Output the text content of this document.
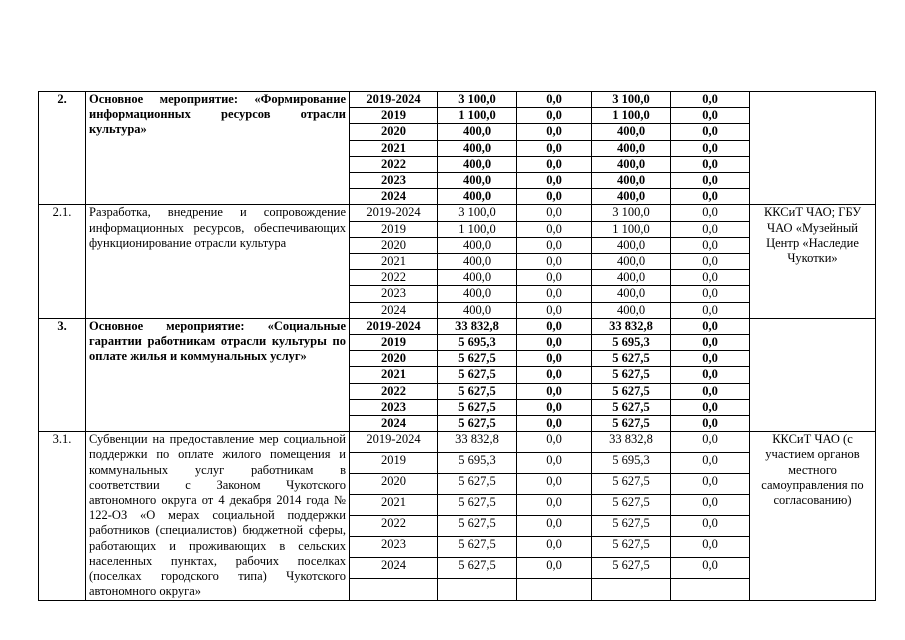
2.	Основное мероприятие: «Формирование информационных ресурсов отрасли культура»	2019-2024	3 100,0	0,0	3 100,0	0,0	
		2019	1 100,0	0,0	1 100,0	0,0	
		2020	400,0	0,0	400,0	0,0	
		2021	400,0	0,0	400,0	0,0	
		2022	400,0	0,0	400,0	0,0	
		2023	400,0	0,0	400,0	0,0	
		2024	400,0	0,0	400,0	0,0	
2.1.	Разработка, внедрение и сопровождение информационных ресурсов, обеспечивающих функционирование отрасли культура	2019-2024	3 100,0	0,0	3 100,0	0,0	ККСиТ ЧАО; ГБУ ЧАО «Музейный Центр «Наследие Чукотки»
		2019	1 100,0	0,0	1 100,0	0,0	
		2020	400,0	0,0	400,0	0,0	
		2021	400,0	0,0	400,0	0,0	
		2022	400,0	0,0	400,0	0,0	
		2023	400,0	0,0	400,0	0,0	
		2024	400,0	0,0	400,0	0,0	
3.	Основное мероприятие: «Социальные гарантии работникам отрасли культуры по оплате жилья и коммунальных услуг»	2019-2024	33 832,8	0,0	33 832,8	0,0	
		2019	5 695,3	0,0	5 695,3	0,0	
		2020	5 627,5	0,0	5 627,5	0,0	
		2021	5 627,5	0,0	5 627,5	0,0	
		2022	5 627,5	0,0	5 627,5	0,0	
		2023	5 627,5	0,0	5 627,5	0,0	
		2024	5 627,5	0,0	5 627,5	0,0	
3.1.	Субвенции на предоставление мер социальной поддержки по оплате жилого помещения и коммунальных услуг работникам в соответствии с Законом Чукотского автономного округа от 4 декабря 2014 года № 122-ОЗ «О мерах социальной поддержки работников (специалистов) бюджетной сферы, работающих и проживающих в сельских населенных пунктах, рабочих поселках (поселках городского типа) Чукотского автономного округа»	2019-2024	33 832,8	0,0	33 832,8	0,0	ККСиТ ЧАО (с участием органов местного самоуправления по согласованию)
		2019	5 695,3	0,0	5 695,3	0,0	
		2020	5 627,5	0,0	5 627,5	0,0	
		2021	5 627,5	0,0	5 627,5	0,0	
		2022	5 627,5	0,0	5 627,5	0,0	
		2023	5 627,5	0,0	5 627,5	0,0	
		2024	5 627,5	0,0	5 627,5	0,0	
